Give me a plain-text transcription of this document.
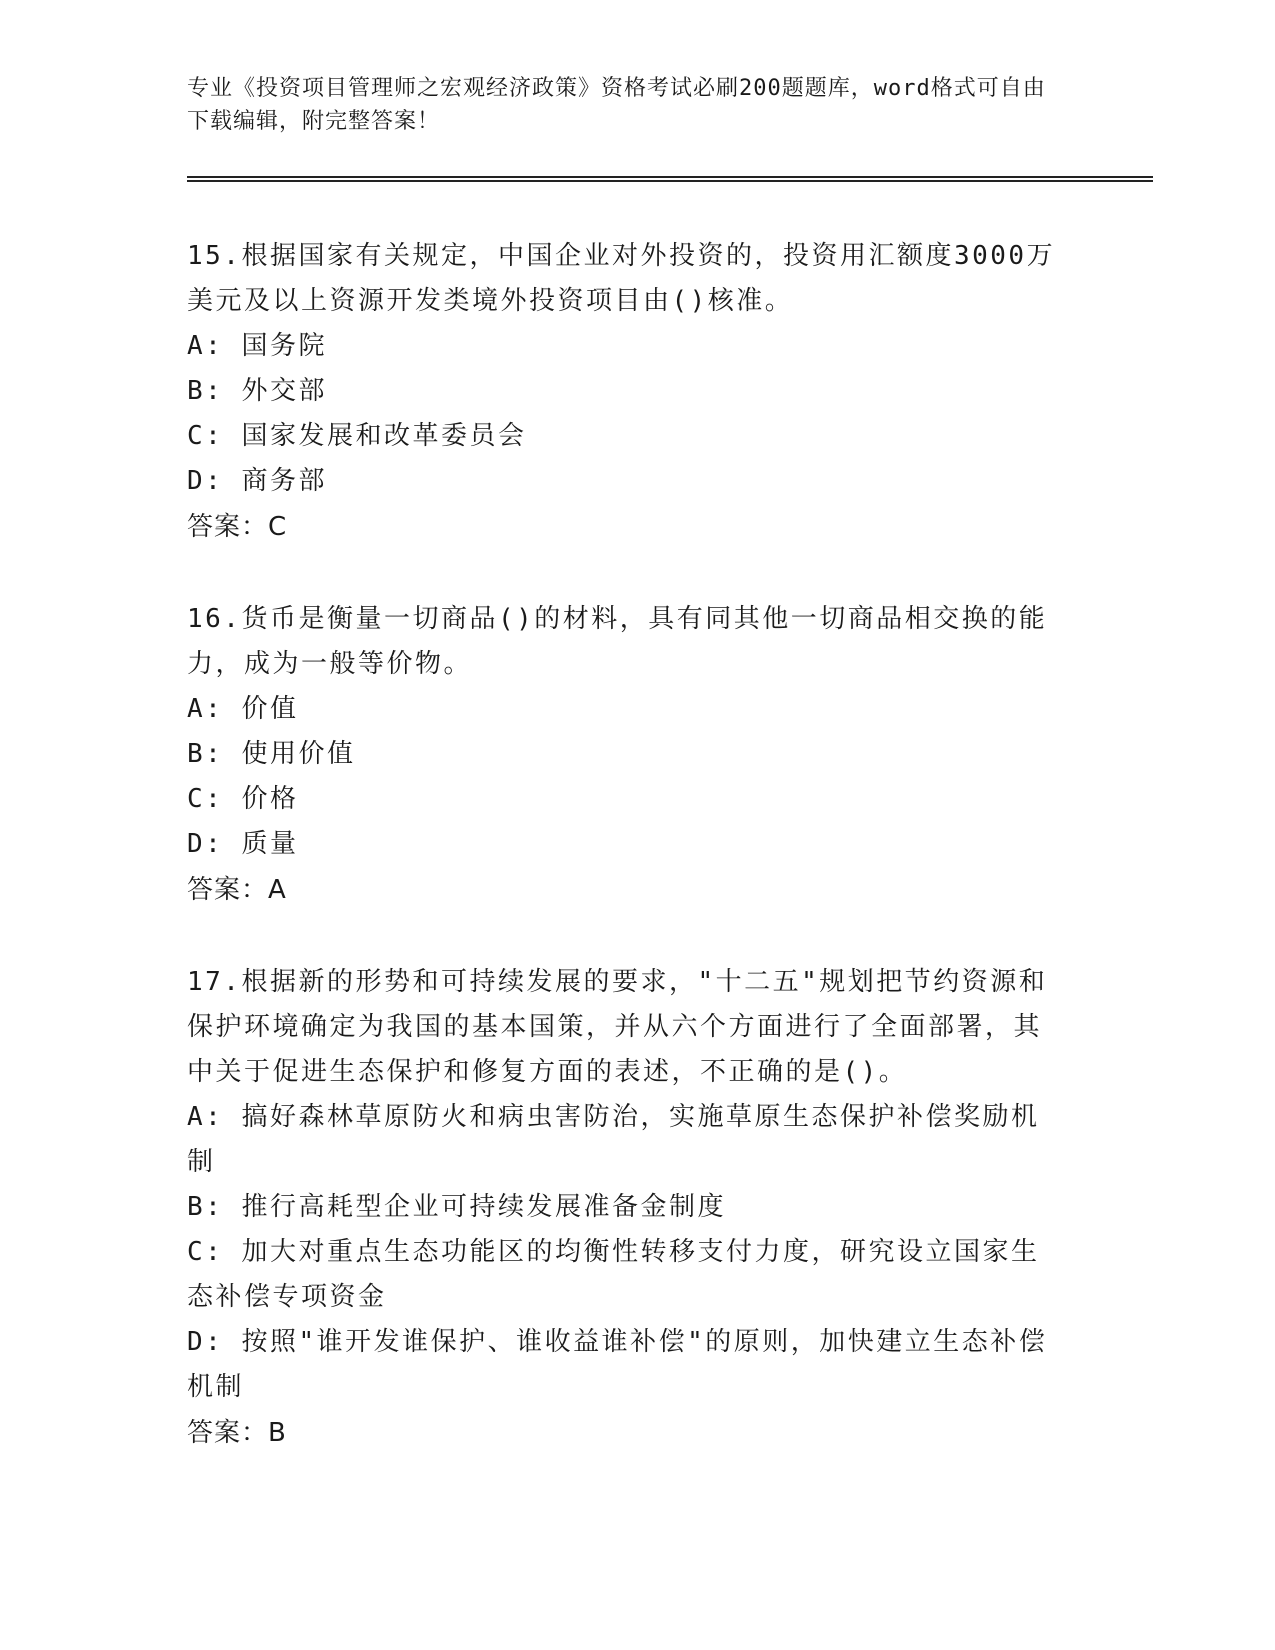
专业《投资项目管理师之宏观经济政策》资格考试必刷200题题库，word格式可自由下载编辑，附完整答案！

15.根据国家有关规定，中国企业对外投资的，投资用汇额度3000万美元及以上资源开发类境外投资项目由()核准。

A: 国务院

B: 外交部

C: 国家发展和改革委员会

D: 商务部

答案：C

16.货币是衡量一切商品()的材料，具有同其他一切商品相交换的能力，成为一般等价物。

A: 价值

B: 使用价值

C: 价格

D: 质量

答案：A

17.根据新的形势和可持续发展的要求，"十二五"规划把节约资源和保护环境确定为我国的基本国策，并从六个方面进行了全面部署，其中关于促进生态保护和修复方面的表述，不正确的是()。

A: 搞好森林草原防火和病虫害防治，实施草原生态保护补偿奖励机制

B: 推行高耗型企业可持续发展准备金制度

C: 加大对重点生态功能区的均衡性转移支付力度，研究设立国家生态补偿专项资金

D: 按照"谁开发谁保护、谁收益谁补偿"的原则，加快建立生态补偿机制

答案：B
